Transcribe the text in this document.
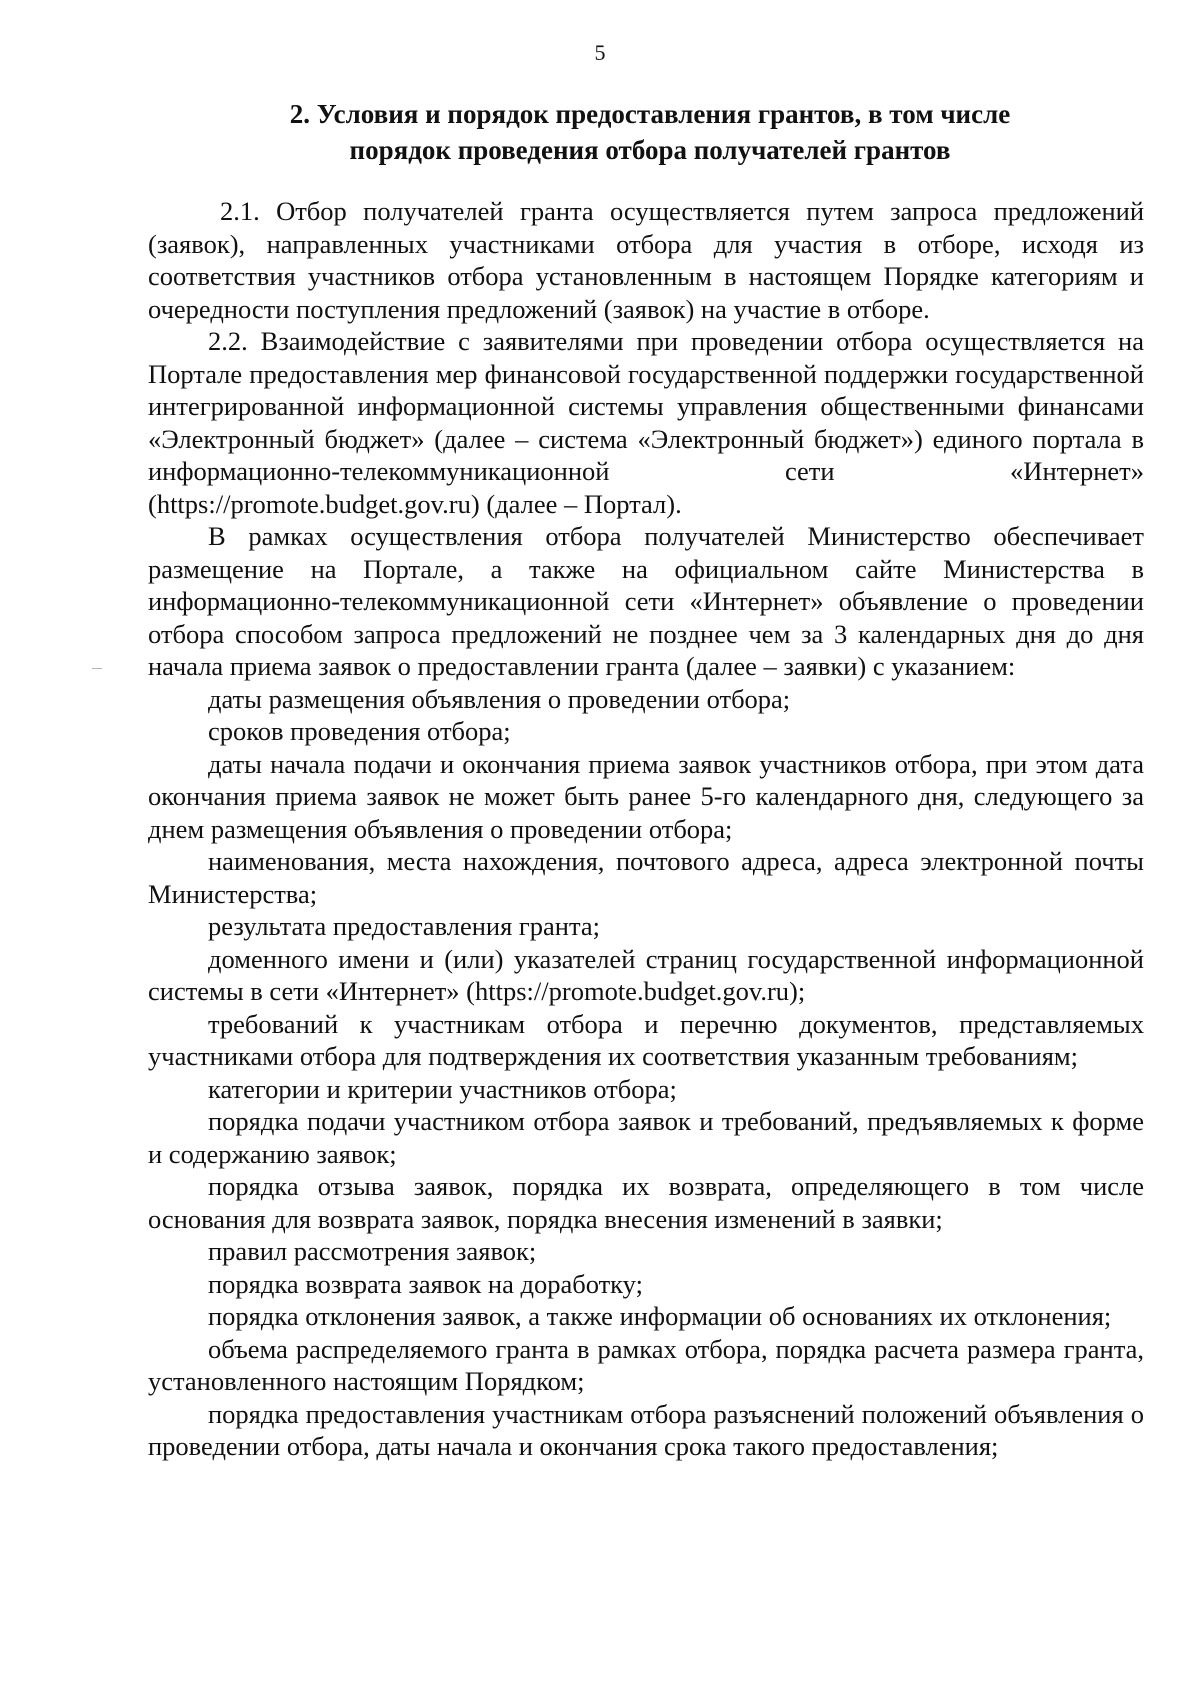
5
2. Условия и порядок предоставления грантов, в том числе
порядок проведения отбора получателей грантов

2.1. Отбор получателей гранта осуществляется путем запроса предложений (заявок), направленных участниками отбора для участия в отборе, исходя из соответствия участников отбора установленным в настоящем Порядке категориям и очередности поступления предложений (заявок) на участие в отборе.

2.2. Взаимодействие с заявителями при проведении отбора осуществляется на Портале предоставления мер финансовой государственной поддержки государственной интегрированной информационной системы управления общественными финансами «Электронный бюджет» (далее – система «Электронный бюджет») единого портала в информационно-телекоммуникационной сети «Интернет» (https://promote.budget.gov.ru) (далее – Портал).

В рамках осуществления отбора получателей Министерство обеспечивает размещение на Портале, а также на официальном сайте Министерства в информационно-телекоммуникационной сети «Интернет» объявление о проведении отбора способом запроса предложений не позднее чем за 3 календарных дня до дня начала приема заявок о предоставлении гранта (далее – заявки) с указанием:

даты размещения объявления о проведении отбора;

сроков проведения отбора;

даты начала подачи и окончания приема заявок участников отбора, при этом дата окончания приема заявок не может быть ранее 5-го календарного дня, следующего за днем размещения объявления о проведении отбора;

наименования, места нахождения, почтового адреса, адреса электронной почты Министерства;

результата предоставления гранта;

доменного имени и (или) указателей страниц государственной информационной системы в сети «Интернет» (https://promote.budget.gov.ru);

требований к участникам отбора и перечню документов, представляемых участниками отбора для подтверждения их соответствия указанным требованиям;

категории и критерии участников отбора;

порядка подачи участником отбора заявок и требований, предъявляемых к форме и содержанию заявок;

порядка отзыва заявок, порядка их возврата, определяющего в том числе основания для возврата заявок, порядка внесения изменений в заявки;

правил рассмотрения заявок;

порядка возврата заявок на доработку;

порядка отклонения заявок, а также информации об основаниях их отклонения;

объема распределяемого гранта в рамках отбора, порядка расчета размера гранта, установленного настоящим Порядком;

порядка предоставления участникам отбора разъяснений положений объявления о проведении отбора, даты начала и окончания срока такого предоставления;
